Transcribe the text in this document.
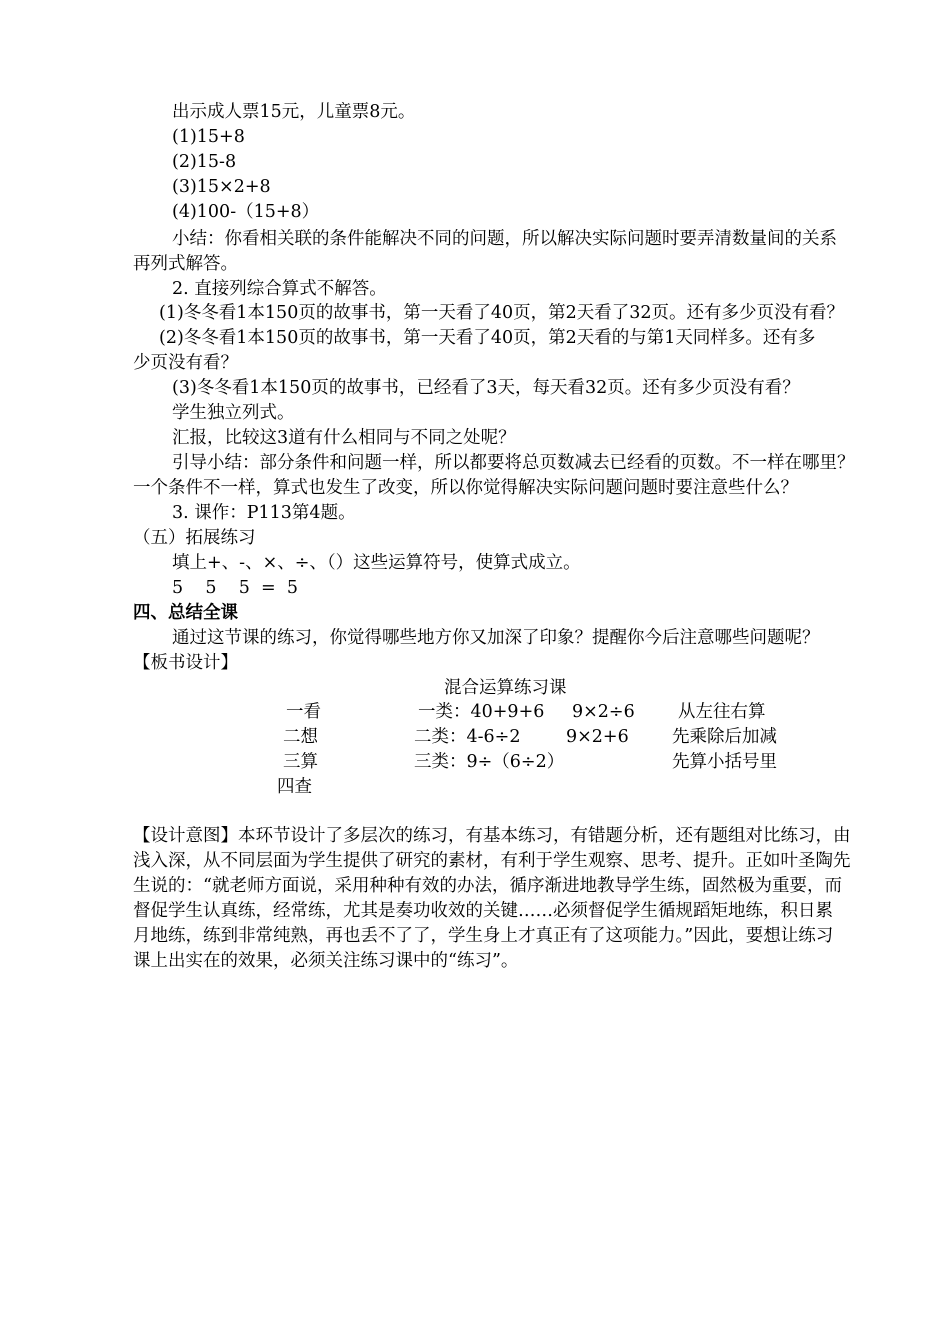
出示成人票15元，儿童票8元。
(1)15+8
(2)15-8
(3)15×2+8
(4)100-（15+8）
小结：你看相关联的条件能解决不同的问题，所以解决实际问题时要弄清数量间的关系
再列式解答。
2. 直接列综合算式不解答。
(1)冬冬看1本150页的故事书，第一天看了40页，第2天看了32页。还有多少页没有看？
(2)冬冬看1本150页的故事书，第一天看了40页，第2天看的与第1天同样多。还有多
少页没有看？
(3)冬冬看1本150页的故事书，已经看了3天，每天看32页。还有多少页没有看？
学生独立列式。
汇报，比较这3道有什么相同与不同之处呢？
引导小结：部分条件和问题一样，所以都要将总页数减去已经看的页数。不一样在哪里？
一个条件不一样，算式也发生了改变，所以你觉得解决实际问题问题时要注意些什么？
3. 课作：P113第4题。
（五）拓展练习
填上+、-、×、÷、（）这些运算符号，使算式成立。
5    5    5  =  5
四、总结全课
通过这节课的练习，你觉得哪些地方你又加深了印象？提醒你今后注意哪些问题呢？
【板书设计】
混合运算练习课
一看
二想
三算
四查
一类：40+9+6
二类：4-6÷2
三类：9÷（6÷2）
9×2÷6
9×2+6
从左往右算
先乘除后加减
先算小括号里
【设计意图】本环节设计了多层次的练习，有基本练习，有错题分析，还有题组对比练习，由
浅入深，从不同层面为学生提供了研究的素材，有利于学生观察、思考、提升。正如叶圣陶先
生说的：“就老师方面说，采用种种有效的办法，循序渐进地教导学生练，固然极为重要，而
督促学生认真练，经常练，尤其是奏功收效的关键……必须督促学生循规蹈矩地练，积日累
月地练，练到非常纯熟，再也丢不了了，学生身上才真正有了这项能力。”因此，要想让练习
课上出实在的效果，必须关注练习课中的“练习”。
